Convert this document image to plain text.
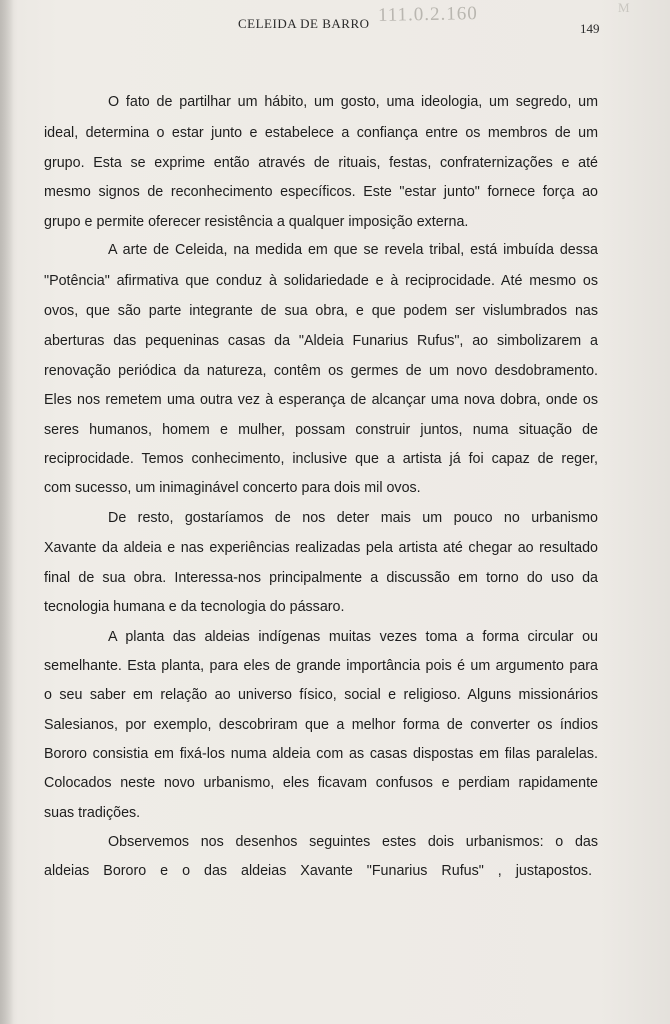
111.0.2.160	M
CELEIDA DE BARRO	149
O fato de partilhar um hábito, um gosto, uma ideologia, um segredo, um
ideal, determina o estar junto e estabelece a confiança entre os membros de um
grupo. Esta se exprime então através de rituais, festas, confraternizações e até
mesmo signos de reconhecimento específicos. Este "estar junto" fornece força ao
grupo e permite oferecer resistência a qualquer imposição externa.
A arte de Celeida, na medida em que se revela tribal, está imbuída dessa
"Potência" afirmativa que conduz à solidariedade e à reciprocidade. Até mesmo os
ovos, que são parte integrante de sua obra, e que podem ser vislumbrados nas
aberturas das pequeninas casas da "Aldeia Funarius Rufus", ao simbolizarem a
renovação periódica da natureza, contêm os germes de um novo desdobramento.
Eles nos remetem uma outra vez à esperança de alcançar uma nova dobra, onde os
seres humanos, homem e mulher, possam construir juntos, numa situação de
reciprocidade. Temos conhecimento, inclusive que a artista já foi capaz de reger,
com sucesso, um inimaginável concerto para dois mil ovos.
De resto, gostaríamos de nos deter mais um pouco no urbanismo
Xavante da aldeia e nas experiências realizadas pela artista até chegar ao resultado
final de sua obra. Interessa-nos principalmente a discussão em torno do uso da
tecnologia humana e da tecnologia do pássaro.
A planta das aldeias indígenas muitas vezes toma a forma circular ou
semelhante. Esta planta, para eles de grande importância pois é um argumento para
o seu saber em relação ao universo físico, social e religioso. Alguns missionários
Salesianos, por exemplo, descobriram que a melhor forma de converter os índios
Bororo consistia em fixá-los numa aldeia com as casas dispostas em filas paralelas.
Colocados neste novo urbanismo, eles ficavam confusos e perdiam rapidamente
suas tradições.
Observemos nos desenhos seguintes estes dois urbanismos: o das
aldeias Bororo e o das aldeias Xavante "Funarius Rufus" , justapostos.
